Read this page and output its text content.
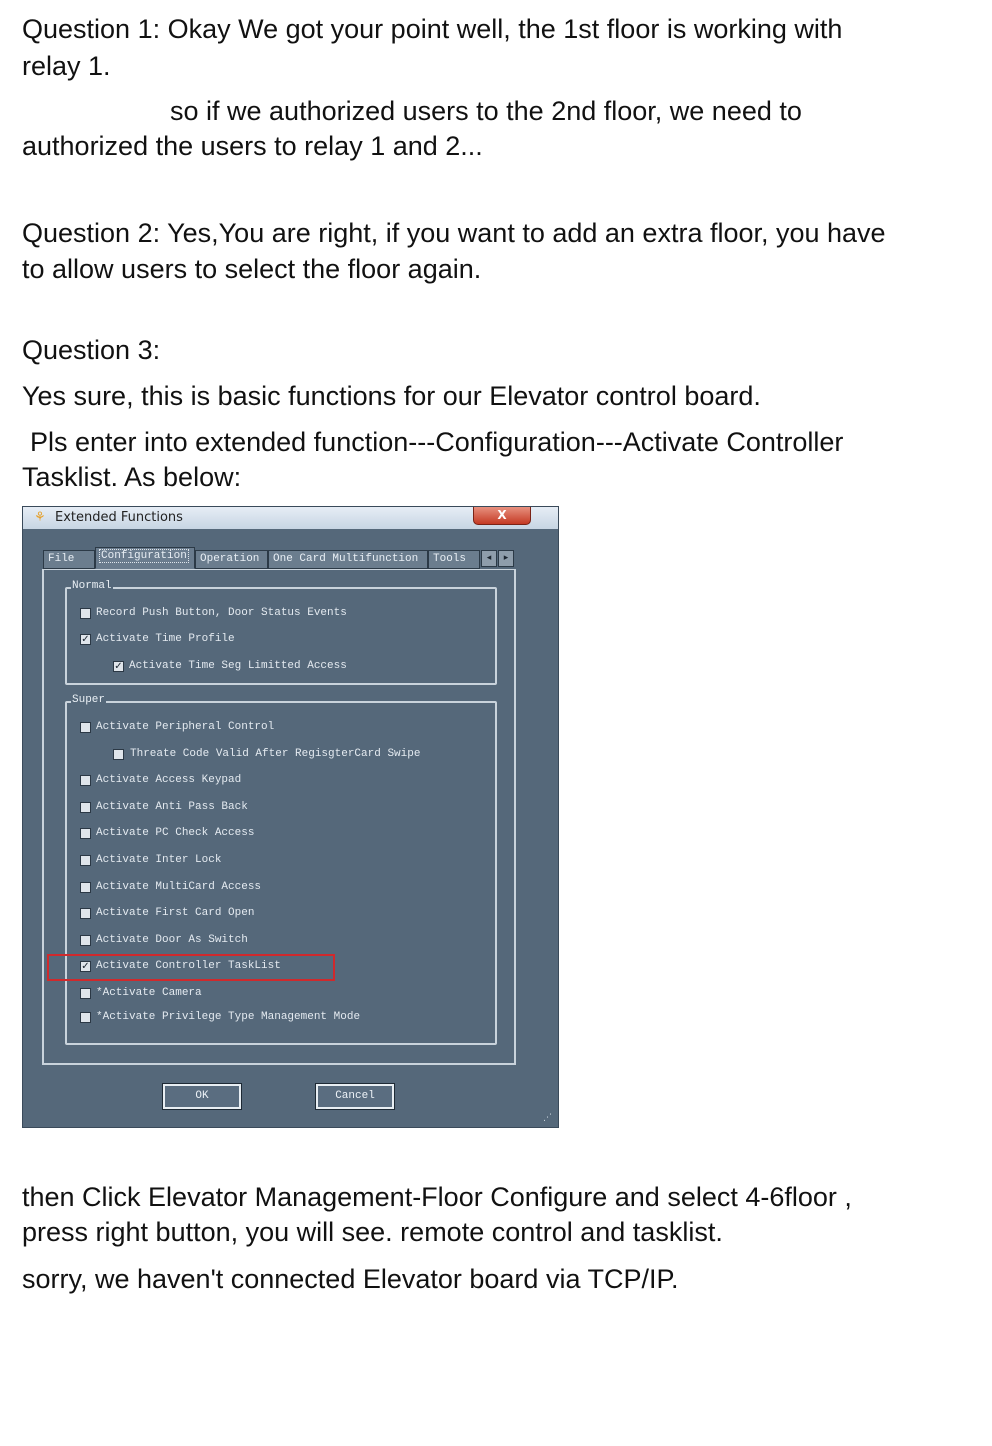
Question 1: Okay We got your point well, the 1st floor is working with
relay 1.
so if we authorized users to the 2nd floor, we need to
authorized the users to relay 1 and 2...
Question 2: Yes,You are right, if you want to add an extra floor, you have
to allow users to select the floor again.
Question 3:
Yes sure, this is basic functions for our Elevator control board.
Pls enter into extended function---Configuration---Activate Controller
Tasklist. As below:
⚘ Extended Functions	X
File	Configuration	Operation	One Card Multifunction	Tools	◂	▸
Normal
Record Push Button, Door Status Events
✓ Activate Time Profile
✓ Activate Time Seg Limitted Access
Super
Activate Peripheral Control
Threate Code Valid After RegisgterCard Swipe
Activate Access Keypad
Activate Anti Pass Back
Activate PC Check Access
Activate Inter Lock
Activate MultiCard Access
Activate First Card Open
Activate Door As Switch
✓ Activate Controller TaskList
*Activate Camera
*Activate Privilege Type Management Mode
OK	Cancel
⋰
then Click Elevator Management-Floor Configure and select 4-6floor ,
press right button, you will see. remote control and tasklist.
sorry, we haven't connected Elevator board via TCP/IP.
